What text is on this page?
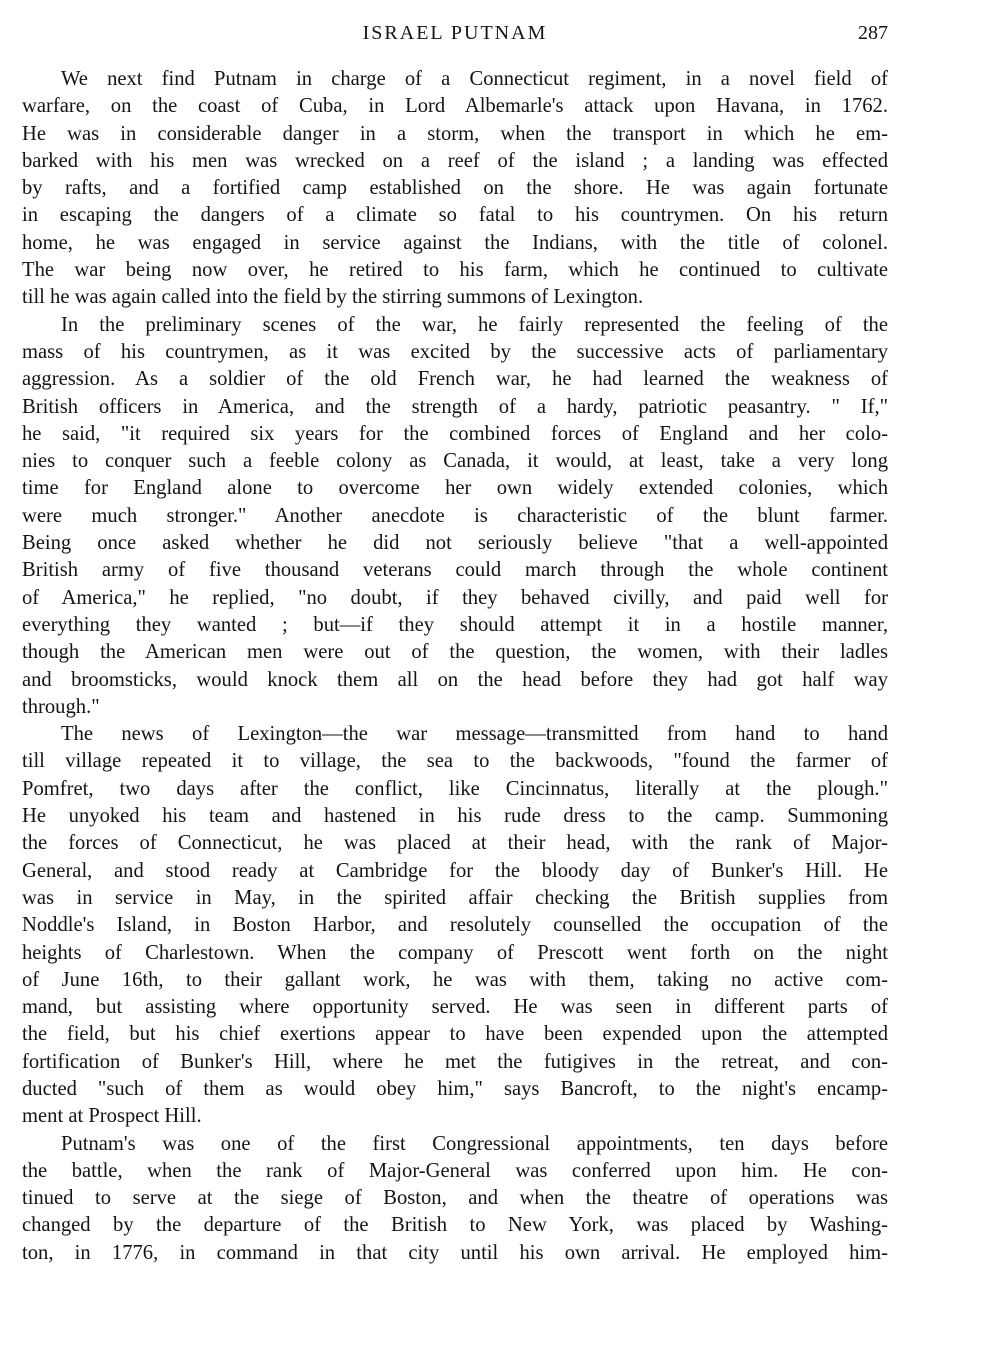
ISRAEL PUTNAM	287
We next find Putnam in charge of a Connecticut regiment, in a novel field of
warfare, on the coast of Cuba, in Lord Albemarle's attack upon Havana, in 1762.
He was in considerable danger in a storm, when the transport in which he em-
barked with his men was wrecked on a reef of the island ; a landing was effected
by rafts, and a fortified camp established on the shore. He was again fortunate
in escaping the dangers of a climate so fatal to his countrymen. On his return
home, he was engaged in service against the Indians, with the title of colonel.
The war being now over, he retired to his farm, which he continued to cultivate
till he was again called into the field by the stirring summons of Lexington.
In the preliminary scenes of the war, he fairly represented the feeling of the
mass of his countrymen, as it was excited by the successive acts of parliamentary
aggression. As a soldier of the old French war, he had learned the weakness of
British officers in America, and the strength of a hardy, patriotic peasantry. " If,"
he said, "it required six years for the combined forces of England and her colo-
nies to conquer such a feeble colony as Canada, it would, at least, take a very long
time for England alone to overcome her own widely extended colonies, which
were much stronger." Another anecdote is characteristic of the blunt farmer.
Being once asked whether he did not seriously believe "that a well-appointed
British army of five thousand veterans could march through the whole continent
of America," he replied, "no doubt, if they behaved civilly, and paid well for
everything they wanted ; but—if they should attempt it in a hostile manner,
though the American men were out of the question, the women, with their ladles
and broomsticks, would knock them all on the head before they had got half way
through."
The news of Lexington—the war message—transmitted from hand to hand
till village repeated it to village, the sea to the backwoods, "found the farmer of
Pomfret, two days after the conflict, like Cincinnatus, literally at the plough."
He unyoked his team and hastened in his rude dress to the camp. Summoning
the forces of Connecticut, he was placed at their head, with the rank of Major-
General, and stood ready at Cambridge for the bloody day of Bunker's Hill. He
was in service in May, in the spirited affair checking the British supplies from
Noddle's Island, in Boston Harbor, and resolutely counselled the occupation of the
heights of Charlestown. When the company of Prescott went forth on the night
of June 16th, to their gallant work, he was with them, taking no active com-
mand, but assisting where opportunity served. He was seen in different parts of
the field, but his chief exertions appear to have been expended upon the attempted
fortification of Bunker's Hill, where he met the futigives in the retreat, and con-
ducted "such of them as would obey him," says Bancroft, to the night's encamp-
ment at Prospect Hill.
Putnam's was one of the first Congressional appointments, ten days before
the battle, when the rank of Major-General was conferred upon him. He con-
tinued to serve at the siege of Boston, and when the theatre of operations was
changed by the departure of the British to New York, was placed by Washing-
ton, in 1776, in command in that city until his own arrival. He employed him-
